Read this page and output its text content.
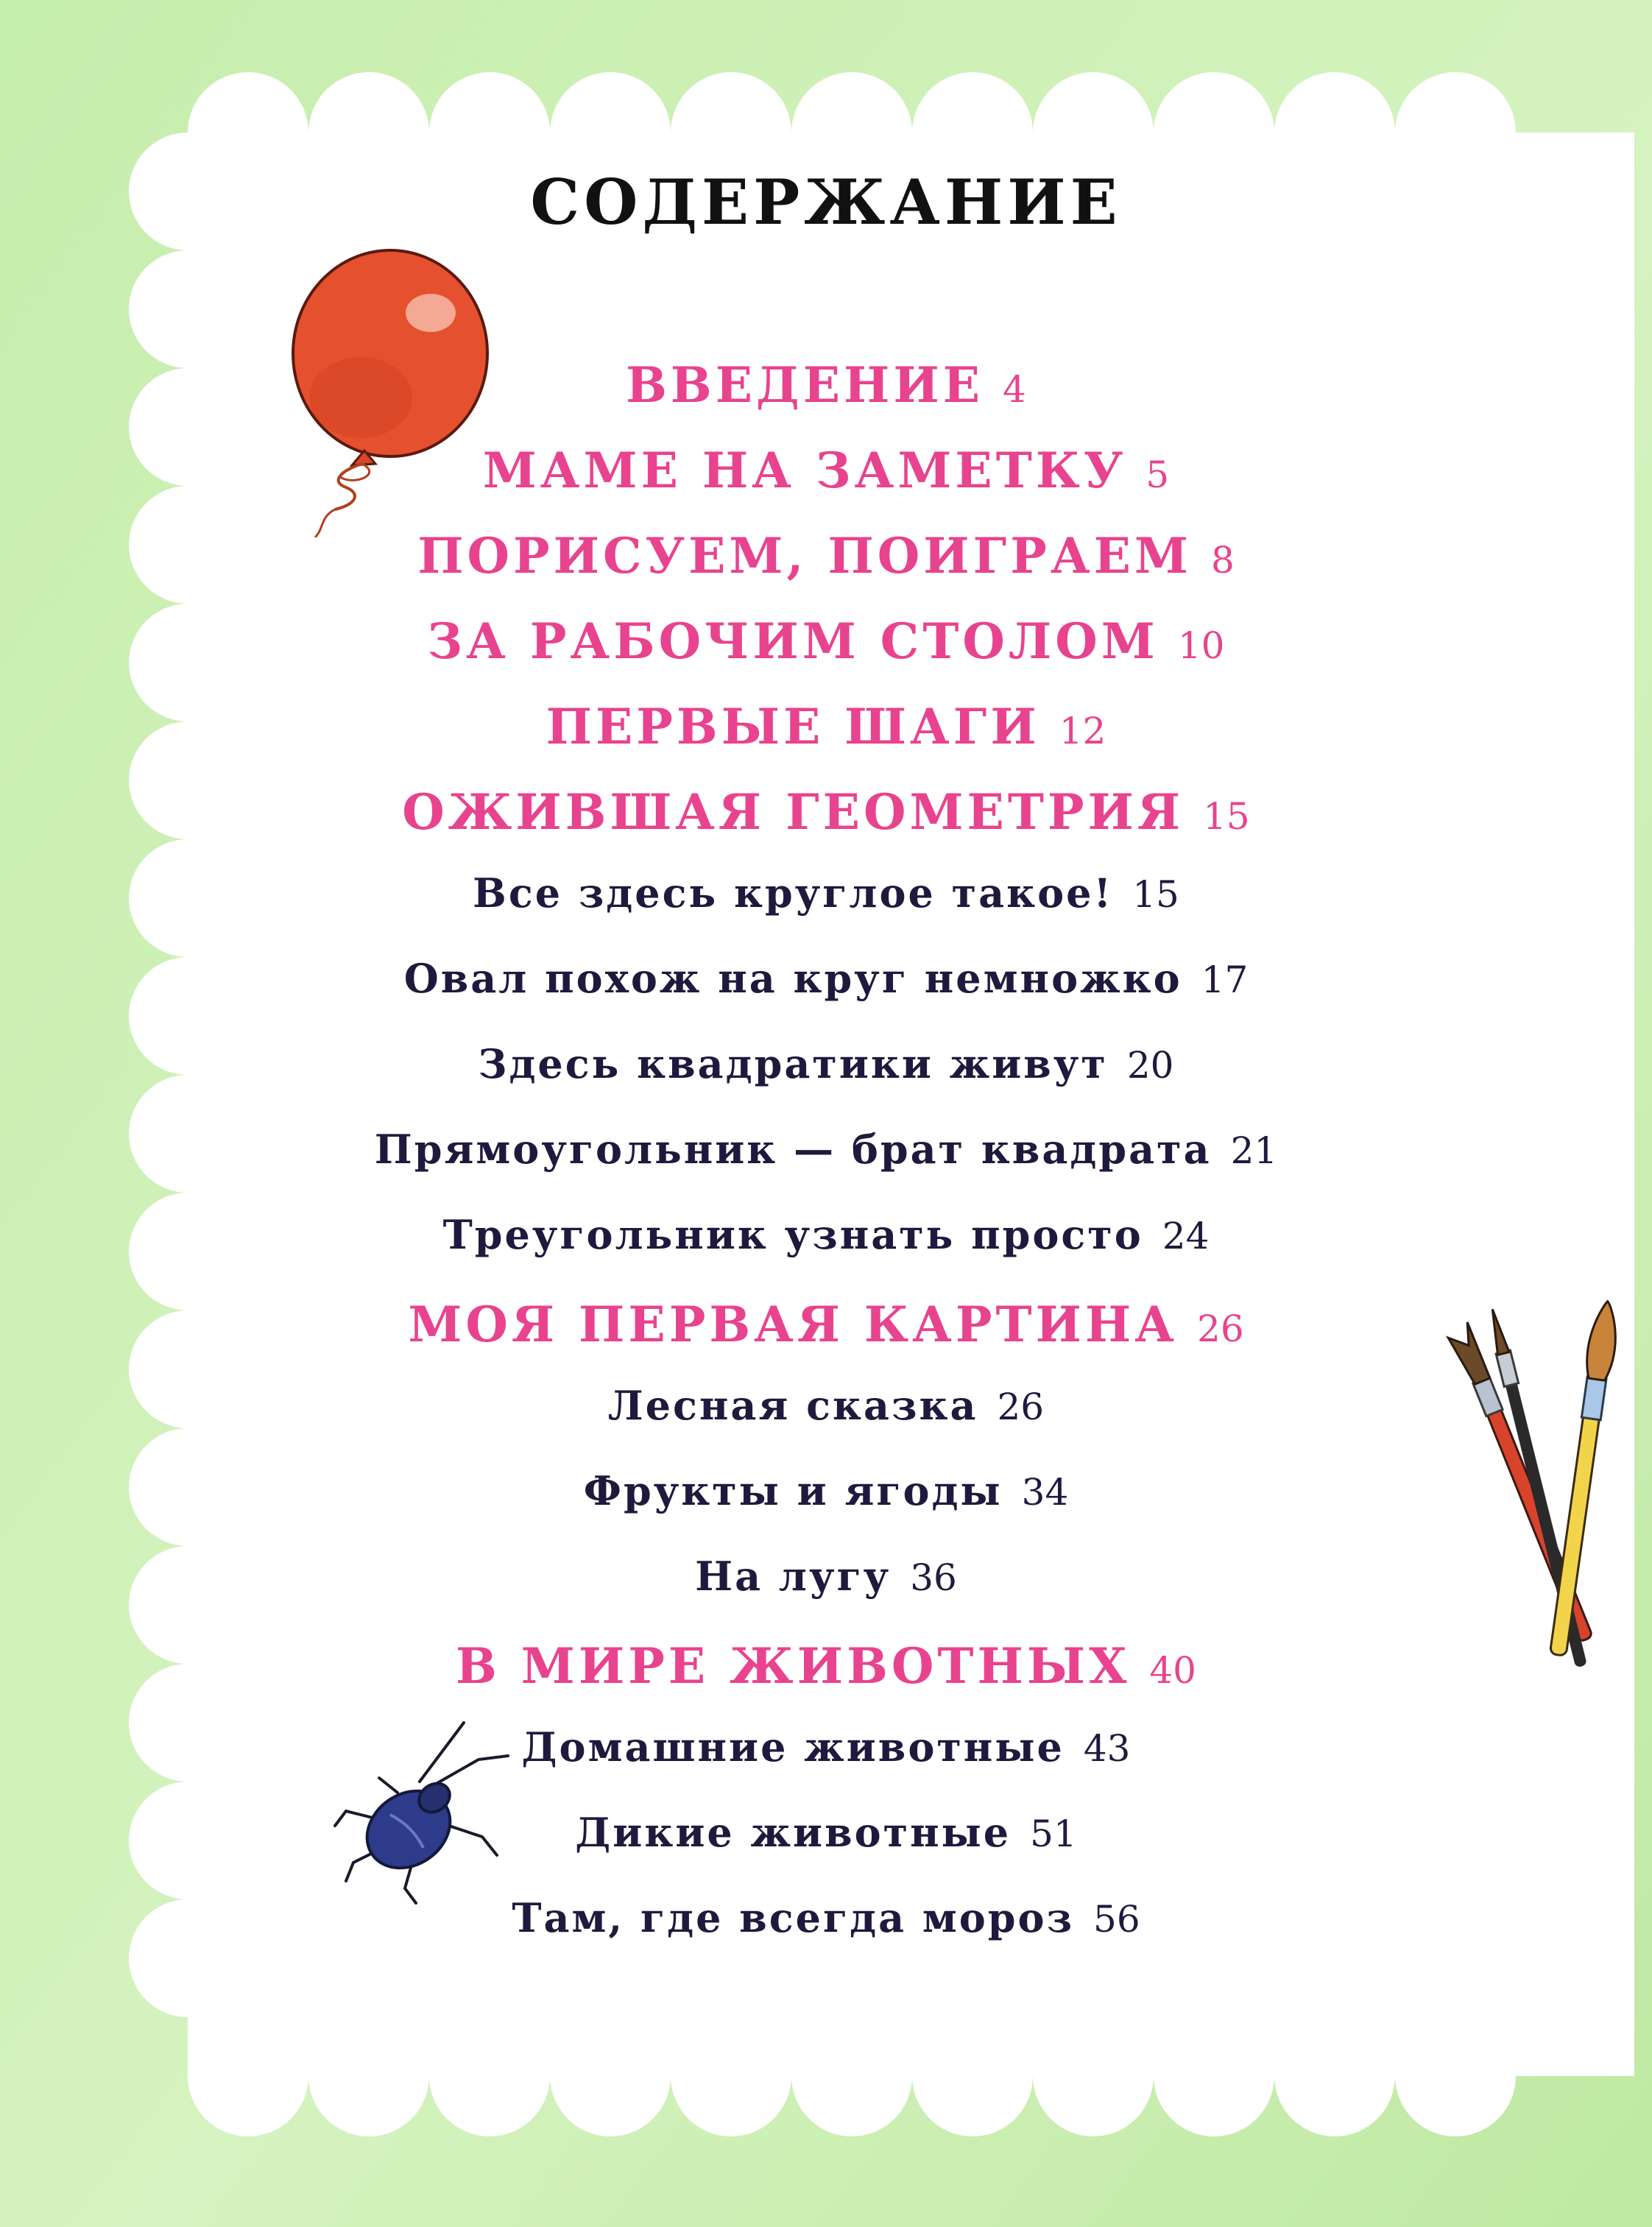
СОДЕРЖАНИЕ
ВВЕДЕНИЕ 4
МАМЕ НА ЗАМЕТКУ 5
ПОРИСУЕМ, ПОИГРАЕМ 8
ЗА РАБОЧИМ СТОЛОМ 10
ПЕРВЫЕ ШАГИ 12
ОЖИВШАЯ ГЕОМЕТРИЯ 15
Все здесь круглое такое! 15
Овал похож на круг немножко 17
Здесь квадратики живут 20
Прямоугольник — брат квадрата 21
Треугольник узнать просто 24
МОЯ ПЕРВАЯ КАРТИНА 26
Лесная сказка 26
Фрукты и ягоды 34
На лугу 36
В МИРЕ ЖИВОТНЫХ 40
Домашние животные 43
Дикие животные 51
Там, где всегда мороз 56
